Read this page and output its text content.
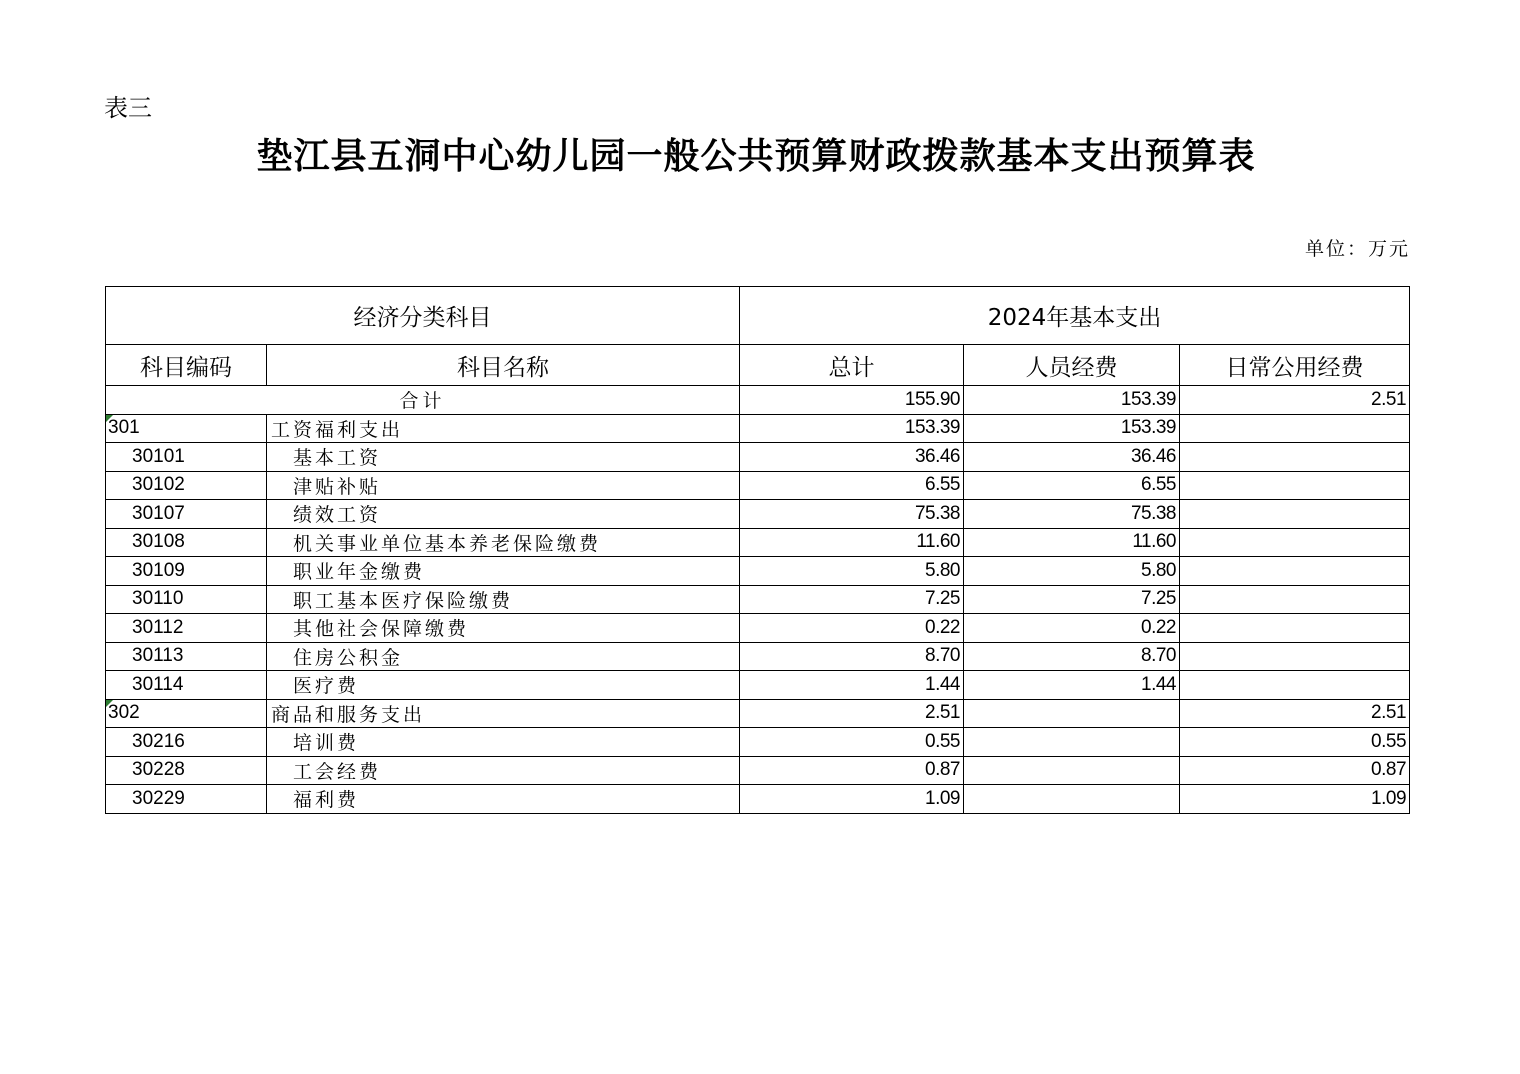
表三
垫江县五洞中心幼儿园一般公共预算财政拨款基本支出预算表
单位：万元
经济分类科目		2024年基本支出		
科目编码	科目名称	总计	人员经费	日常公用经费
合计		155.90	153.39	2.51

301	工资福利支出	153.39	153.39	
30101	基本工资	36.46	36.46	
30102	津贴补贴	6.55	6.55	
30107	绩效工资	75.38	75.38	
30108	机关事业单位基本养老保险缴费	11.60	11.60	
30109	职业年金缴费	5.80	5.80	
30110	职工基本医疗保险缴费	7.25	7.25	
30112	其他社会保障缴费	0.22	0.22	
30113	住房公积金	8.70	8.70	
30114	医疗费	1.44	1.44	

302	商品和服务支出	2.51		2.51
30216	培训费	0.55		0.55
30228	工会经费	0.87		0.87
30229	福利费	1.09		1.09
